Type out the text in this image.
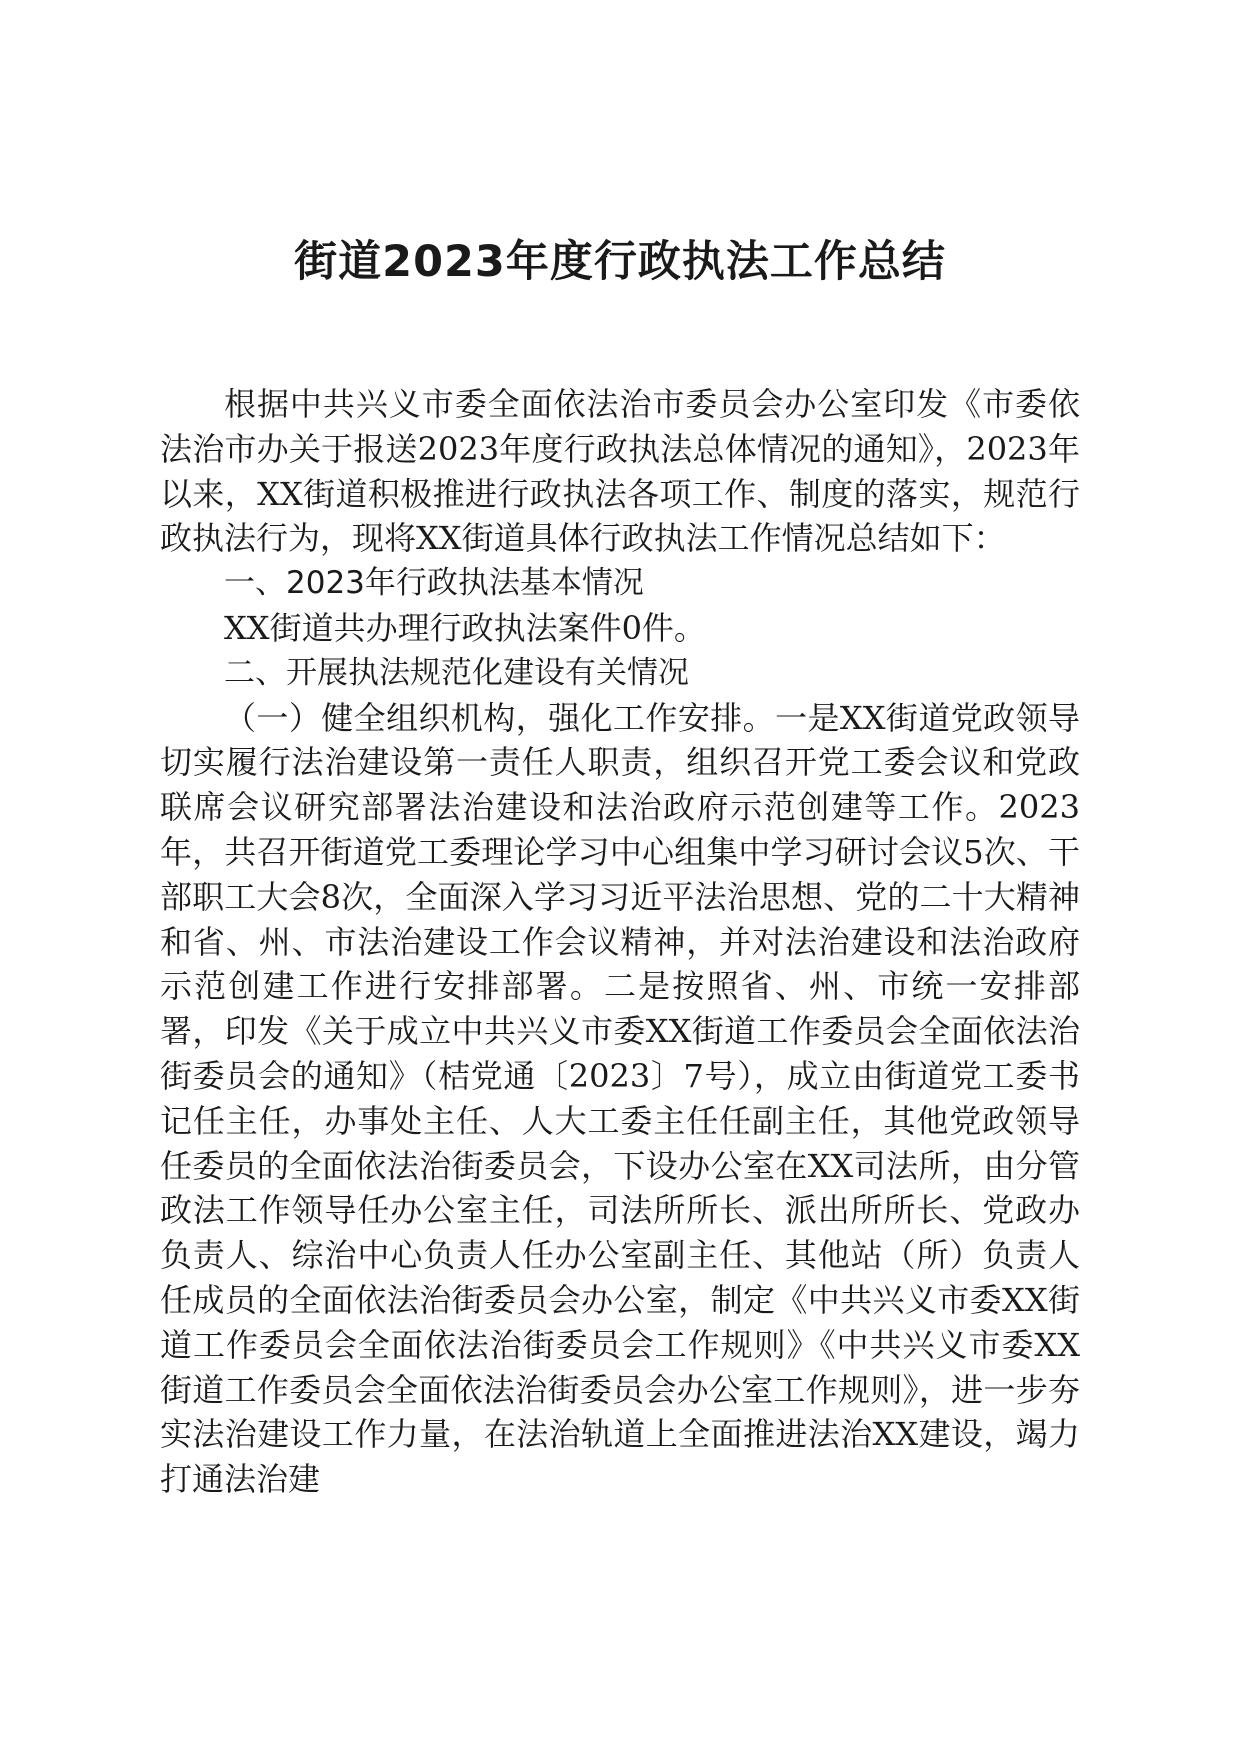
街道2023年度行政执法工作总结

根据中共兴义市委全面依法治市委员会办公室印发《市委依法治市办关于报送2023年度行政执法总体情况的通知》，2023年以来，XX街道积极推进行政执法各项工作、制度的落实，规范行政执法行为，现将XX街道具体行政执法工作情况总结如下：

一、2023年行政执法基本情况

XX街道共办理行政执法案件0件。

二、开展执法规范化建设有关情况

（一）健全组织机构，强化工作安排。一是XX街道党政领导切实履行法治建设第一责任人职责，组织召开党工委会议和党政联席会议研究部署法治建设和法治政府示范创建等工作。2023年，共召开街道党工委理论学习中心组集中学习研讨会议5次、干部职工大会8次，全面深入学习习近平法治思想、党的二十大精神和省、州、市法治建设工作会议精神，并对法治建设和法治政府示范创建工作进行安排部署。二是按照省、州、市统一安排部署，印发《关于成立中共兴义市委XX街道工作委员会全面依法治街委员会的通知》（桔党通〔2023〕7号），成立由街道党工委书记任主任，办事处主任、人大工委主任任副主任，其他党政领导任委员的全面依法治街委员会，下设办公室在XX司法所，由分管政法工作领导任办公室主任，司法所所长、派出所所长、党政办负责人、综治中心负责人任办公室副主任、其他站（所）负责人任成员的全面依法治街委员会办公室，制定《中共兴义市委XX街道工作委员会全面依法治街委员会工作规则》《中共兴义市委XX街道工作委员会全面依法治街委员会办公室工作规则》，进一步夯实法治建设工作力量，在法治轨道上全面推进法治XX建设，竭力打通法治建
